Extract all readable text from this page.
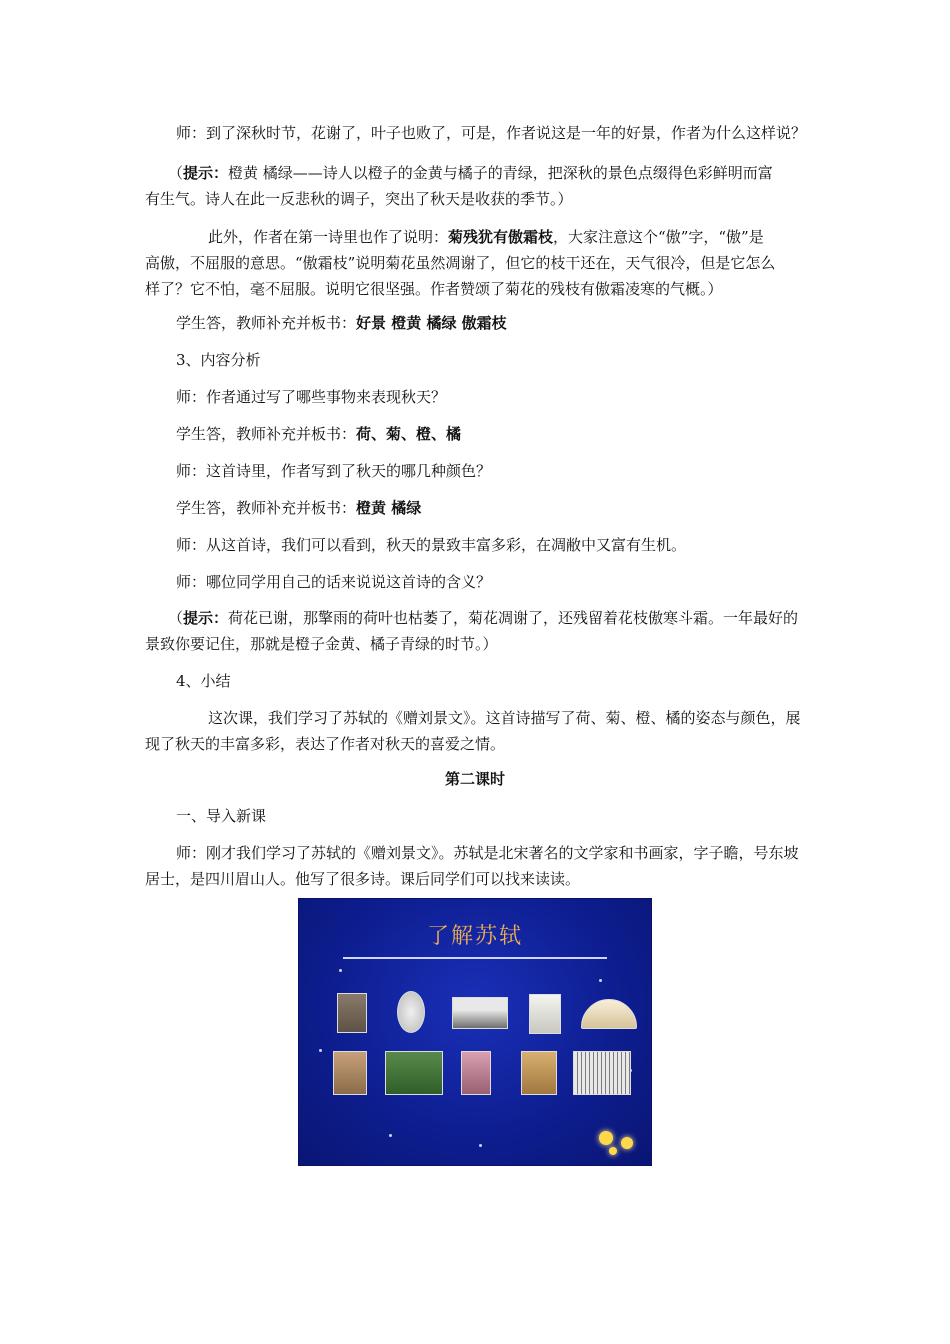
师：到了深秋时节，花谢了，叶子也败了，可是，作者说这是一年的好景，作者为什么这样说？
（提示：橙黄 橘绿——诗人以橙子的金黄与橘子的青绿，把深秋的景色点缀得色彩鲜明而富
有生气。诗人在此一反悲秋的调子，突出了秋天是收获的季节。）
此外，作者在第一诗里也作了说明：菊残犹有傲霜枝，大家注意这个“傲”字，“傲”是
高傲，不屈服的意思。“傲霜枝”说明菊花虽然凋谢了，但它的枝干还在，天气很冷，但是它怎么
样了？它不怕，毫不屈服。说明它很坚强。作者赞颂了菊花的残枝有傲霜凌寒的气概。）
学生答，教师补充并板书：好景 橙黄 橘绿 傲霜枝
3、内容分析
师：作者通过写了哪些事物来表现秋天？
学生答，教师补充并板书：荷、菊、橙、橘
师：这首诗里，作者写到了秋天的哪几种颜色？
学生答，教师补充并板书：橙黄 橘绿
师：从这首诗，我们可以看到，秋天的景致丰富多彩，在凋敝中又富有生机。
师：哪位同学用自己的话来说说这首诗的含义？
（提示：荷花已谢，那擎雨的荷叶也枯萎了，菊花凋谢了，还残留着花枝傲寒斗霜。一年最好的
景致你要记住，那就是橙子金黄、橘子青绿的时节。）
4、小结
这次课，我们学习了苏轼的《赠刘景文》。这首诗描写了荷、菊、橙、橘的姿态与颜色，展
现了秋天的丰富多彩，表达了作者对秋天的喜爱之情。
第二课时
一、导入新课
师：刚才我们学习了苏轼的《赠刘景文》。苏轼是北宋著名的文学家和书画家，字子瞻，号东坡
居士，是四川眉山人。他写了很多诗。课后同学们可以找来读读。
了解苏轼
